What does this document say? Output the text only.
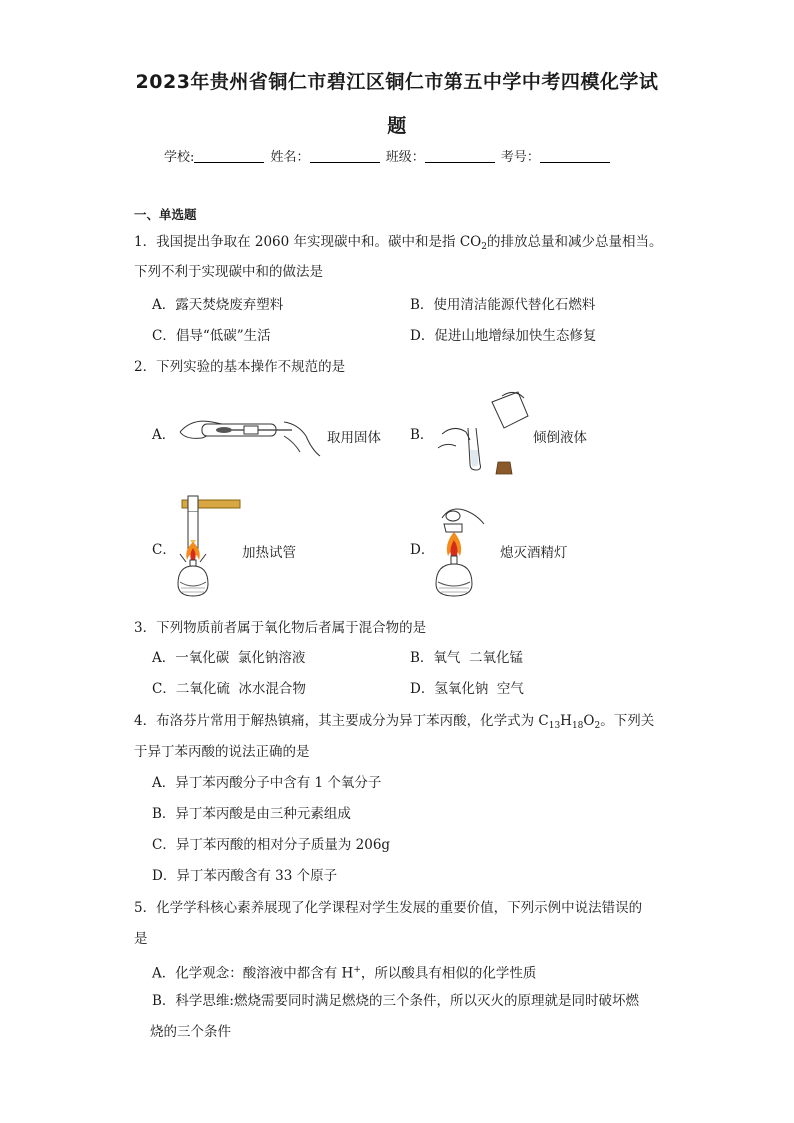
2023年贵州省铜仁市碧江区铜仁市第五中学中考四模化学试
题
学校:	姓名：	班级：	考号：
一、单选题
1．我国提出争取在 2060 年实现碳中和。碳中和是指 $CO_2$的排放总量和减少总量相当。
下列不利于实现碳中和的做法是
A．露天焚烧废弃塑料	B．使用清洁能源代替化石燃料
C．倡导“低碳”生活	D．促进山地增绿加快生态修复
2．下列实验的基本操作不规范的是
A．	取用固体 B．	倾倒液体
C．	加热试管	D．	熄灭酒精灯
3．下列物质前者属于氧化物后者属于混合物的是
A．一氧化碳  氯化钠溶液	B．氧气  二氧化锰
C．二氧化硫  冰水混合物	D．氢氧化钠  空气
4．布洛芬片常用于解热镇痛，其主要成分为异丁苯丙酸，化学式为 $C_{13}H_{18}O_2$。下列关
于异丁苯丙酸的说法正确的是
A．异丁苯丙酸分子中含有 1 个氧分子
B．异丁苯丙酸是由三种元素组成
C．异丁苯丙酸的相对分子质量为 206g
D．异丁苯丙酸含有 33 个原子
5．化学学科核心素养展现了化学课程对学生发展的重要价值，下列示例中说法错误的
是
A．化学观念：酸溶液中都含有 H+，所以酸具有相似的化学性质
B．科学思维:燃烧需要同时满足燃烧的三个条件，所以灭火的原理就是同时破坏燃
烧的三个条件
